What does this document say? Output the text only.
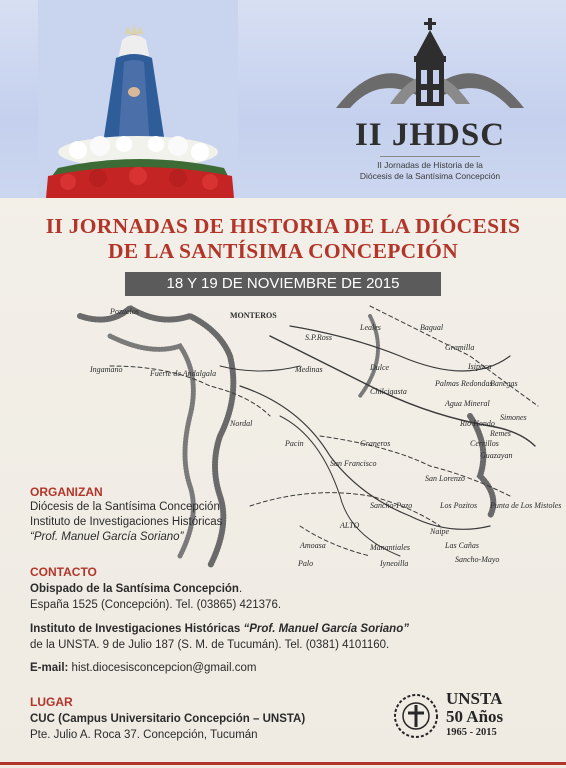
II JHDSC
II Jornadas de Historia de la
Diócesis de la Santísima Concepción
II JORNADAS DE HISTORIA DE LA DIÓCESIS
DE LA SANTÍSIMA CONCEPCIÓN
18 Y 19 DE NOVIEMBRE DE 2015
Pozuelos	MONTEROS
Leales	Bagual
Gramilla
Isipuca
Banegas
S.P.Ross
Medinas	Dulce
Chilcigasta
Palmas Redondas
Agua Mineral
Rio Hondo
Simones
Ingamano	Fuerte de Andalgala
Graneros
San Francisco
Cerrillos
Guazayan
San Lorenzo
Los Pozitos Punta de Los Mistoles
Sancho-Pozo
Naipe
Las Cañas
Sancho-Mayo
Manantiales
ALTO
Iyneoilla
Amoasa
Palo
Pacin
Nordal
Remes
ORGANIZAN
Diócesis de la Santísima Concepción
Instituto de Investigaciones Históricas
“Prof. Manuel García Soriano”
CONTACTO
Obispado de la Santísima Concepción.
España 1525 (Concepción). Tel. (03865) 421376.
Instituto de Investigaciones Históricas “Prof. Manuel García Soriano”
de la UNSTA. 9 de Julio 187 (S. M. de Tucumán). Tel. (0381) 4101160.
E-mail: hist.diocesisconcepcion@gmail.com
LUGAR
CUC (Campus Universitario Concepción – UNSTA)
Pte. Julio A. Roca 37. Concepción, Tucumán
UNSTA
50 Años
1965 - 2015
